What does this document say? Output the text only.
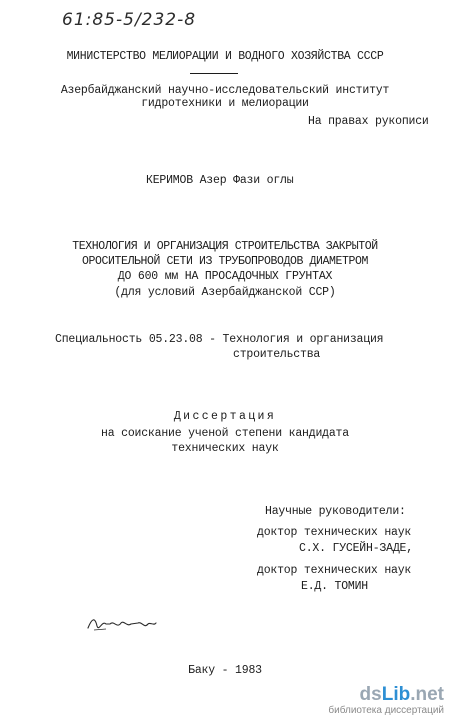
61:85-5/232-8
МИНИСТЕРСТВО МЕЛИОРАЦИИ И ВОДНОГО ХОЗЯЙСТВА СССР
Азербайджанский научно-исследовательский институт
гидротехники и мелиорации
На правах рукописи
КЕРИМОВ Азер Фази оглы
ТЕХНОЛОГИЯ И ОРГАНИЗАЦИЯ СТРОИТЕЛЬСТВА ЗАКРЫТОЙ
ОРОСИТЕЛЬНОЙ СЕТИ ИЗ ТРУБОПРОВОДОВ ДИАМЕТРОМ
ДО 600 мм НА ПРОСАДОЧНЫХ ГРУНТАХ
(для условий Азербайджанской ССР)
Специальность 05.23.08 - Технология и организация
строительства
Диссертация
на соискание ученой степени кандидата
технических наук
Научные руководители:
доктор технических наук
С.Х. ГУСЕЙН-ЗАДЕ,
доктор технических наук
Е.Д. ТОМИН
Баку - 1983
dsLib.net
библиотека диссертаций
